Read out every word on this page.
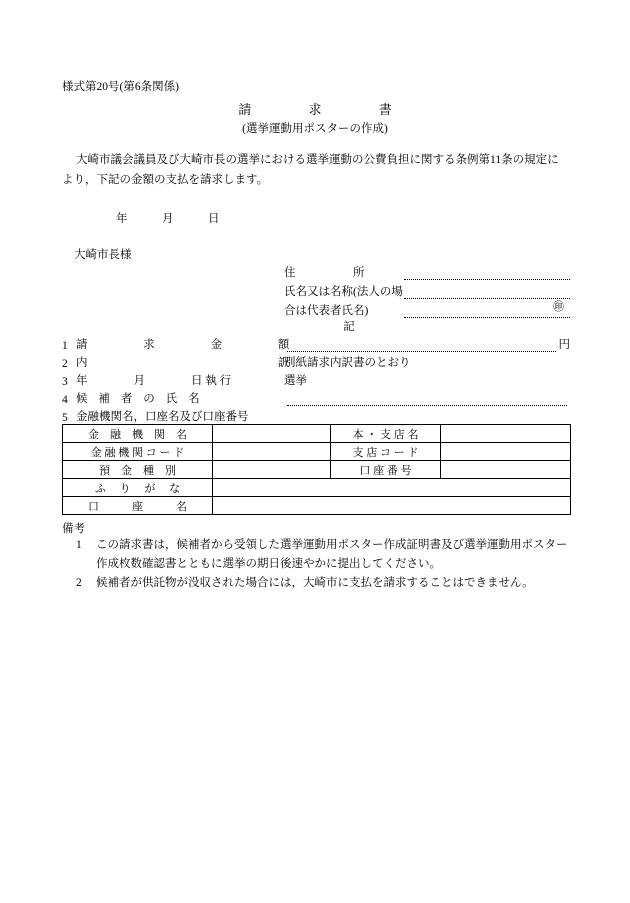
様式第20号(第6条関係)
請　　　求　　　書
(選挙運動用ポスターの作成)
大崎市議会議員及び大崎市長の選挙における選挙運動の公費負担に関する条例第11条の規定により，下記の金額の支払を請求します。
年　　　月　　　日
大崎市長様
住　　　　　所
氏名又は名称(法人の場
合は代表者氏名)	㊞
記
1 請　　求　　金　　額	円
2 内　　　　　　　　訳
別紙請求内訳書のとおり
3 年　　　月　　　日執行	選挙
4 候 補 者 の 氏 名
5 金融機関名，口座名及び口座番号
金　融　機　関　名		本 ・ 支 店 名	
金 融 機 関 コ ー ド		支 店 コ ー ド	
預　金　種　別		口 座 番 号	
ふ　 り　 が　 な			
口　　　座　　　名			
備考
1 この請求書は，候補者から受領した選挙運動用ポスター作成証明書及び選挙運動用ポスター作成枚数確認書とともに選挙の期日後速やかに提出してください。
2 候補者が供託物が没収された場合には，大崎市に支払を請求することはできません。
